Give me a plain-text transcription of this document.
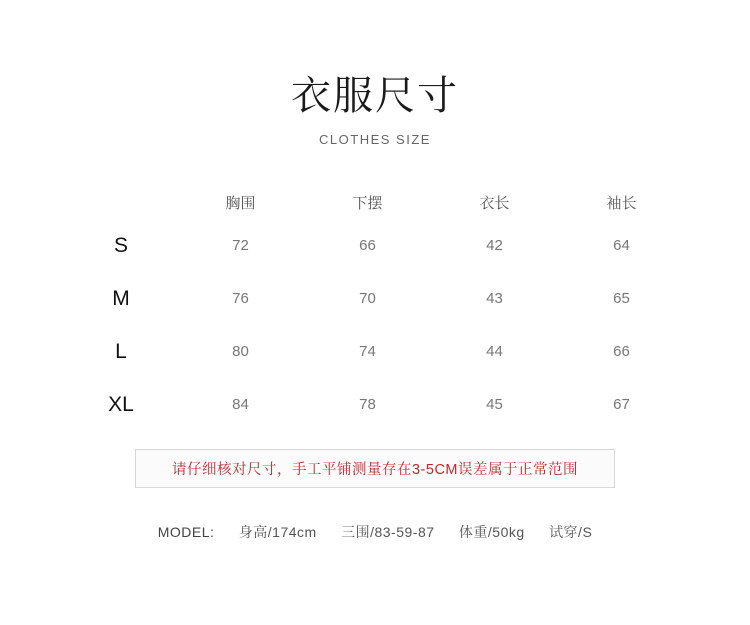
衣服尺寸
CLOTHES SIZE
	胸围	下摆	衣长	袖长
S	72	66	42	64
M	76	70	43	65
L	80	74	44	66
XL	84	78	45	67
请仔细核对尺寸，手工平铺测量存在3-5CM误差属于正常范围
MODEL: 身高/174cm 三围/83-59-87 体重/50kg 试穿/S
